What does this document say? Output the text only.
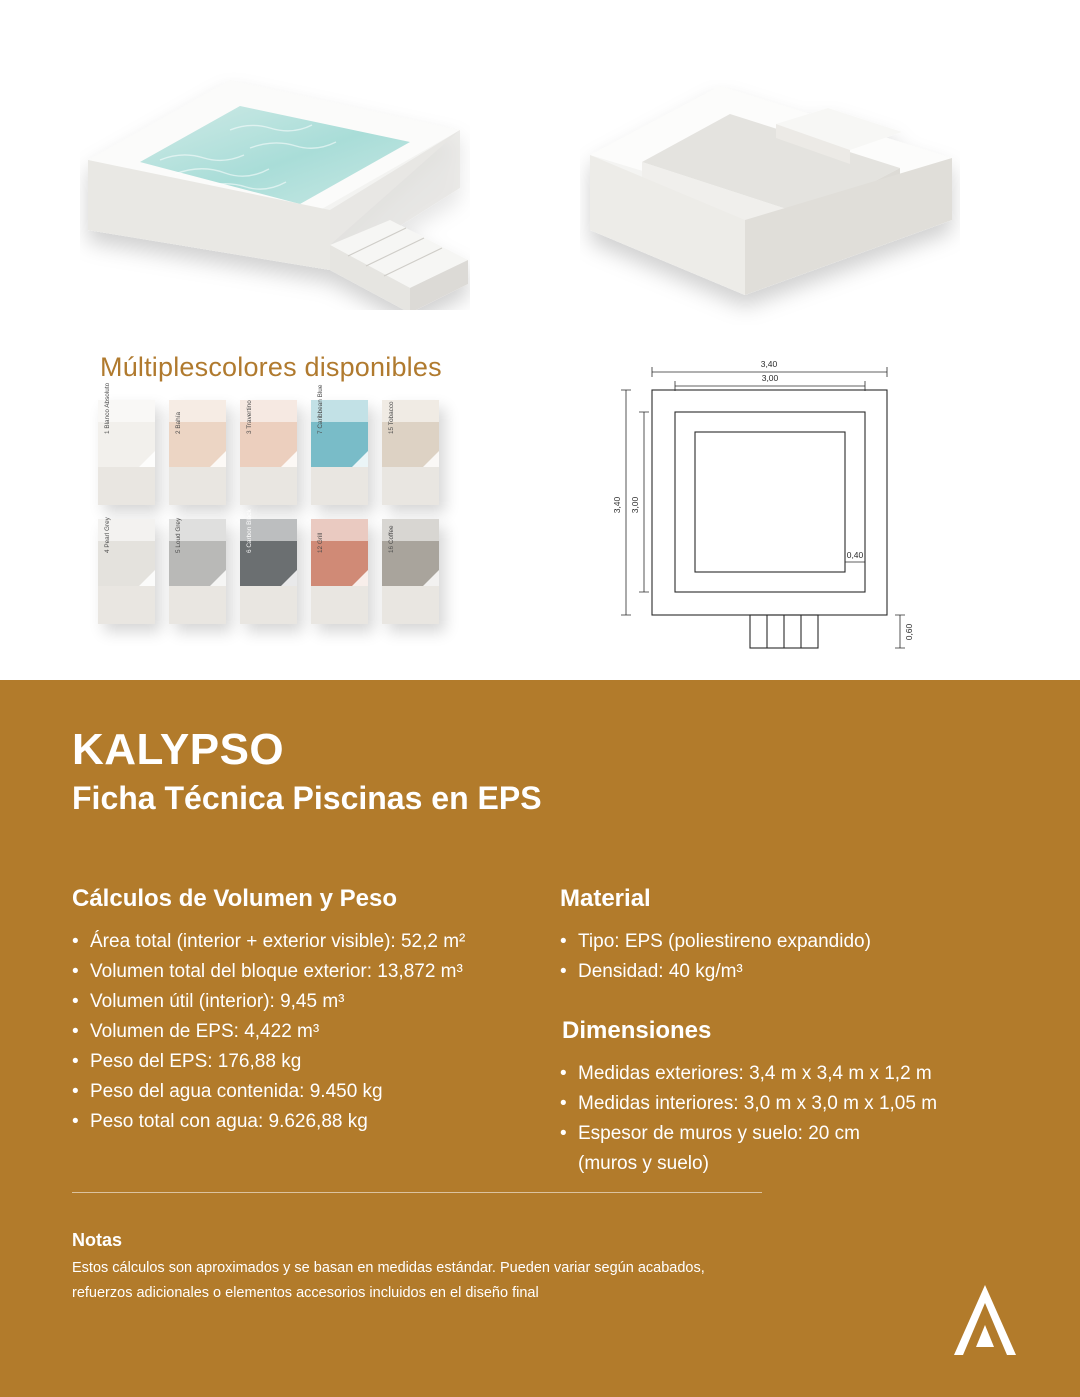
Múltiplescolores disponibles
1 Blanco Absoluto	2 Bahía	3 Travertino	7 Caribbean Blue	15 Tobacco
4 Pearl Grey	5 Loud Grey	6 Carbon Black	12 Grill	16 Coffee
3,40
3,00
3,40 3,00
0,40
0,60
KALYPSO
Ficha Técnica Piscinas en EPS
Cálculos de Volumen y Peso
• Área total (interior + exterior visible): 52,2 m²
• Volumen total del bloque exterior: 13,872 m³
• Volumen útil (interior): 9,45 m³
• Volumen de EPS: 4,422 m³
• Peso del EPS: 176,88 kg
• Peso del agua contenida: 9.450 kg
• Peso total con agua: 9.626,88 kg
Material
• Tipo: EPS (poliestireno expandido)
• Densidad: 40 kg/m³
Dimensiones
• Medidas exteriores: 3,4 m x 3,4 m x 1,2 m
• Medidas interiores: 3,0 m x 3,0 m x 1,05 m
• Espesor de muros y suelo: 20 cm
(muros y suelo)
Notas
Estos cálculos son aproximados y se basan en medidas estándar. Pueden variar según acabados, refuerzos adicionales o elementos accesorios incluidos en el diseño final
